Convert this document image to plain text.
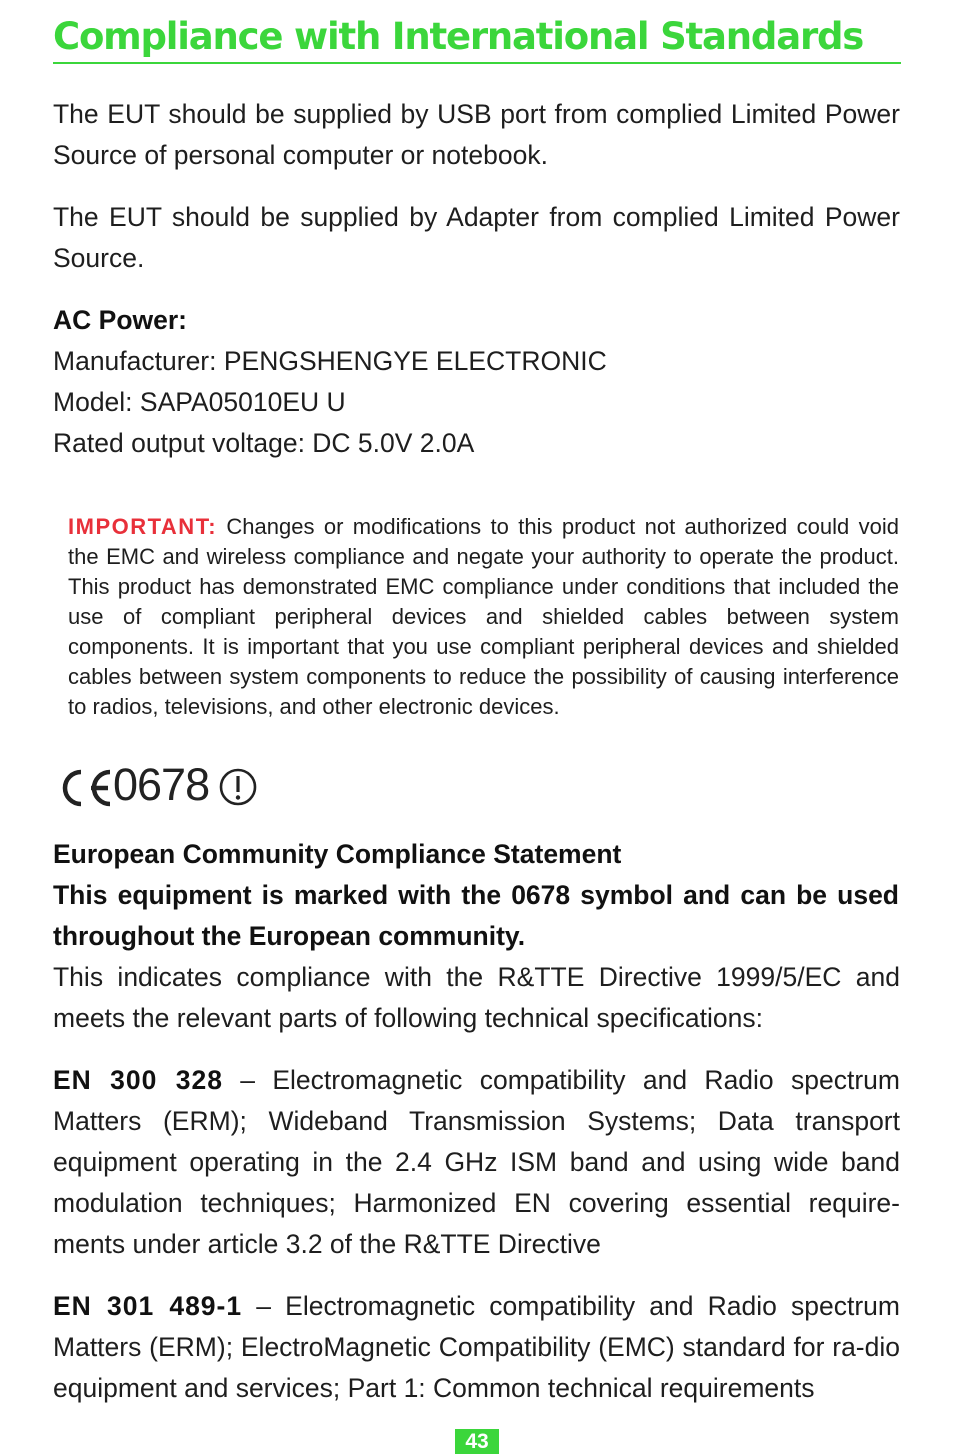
Compliance with International Standards

The EUT should be supplied by USB port from complied Limited Power Source of personal computer or notebook.

The EUT should be supplied by Adapter from complied Limited Power Source.

AC Power:

Manufacturer: PENGSHENGYE ELECTRONIC

Model: SAPA05010EU U

Rated output voltage: DC 5.0V 2.0A

IMPORTANT: Changes or modifications to this product not authorized could void the EMC and wireless compliance and negate your authority to operate the product. This product has demonstrated EMC compliance under conditions that included the use of compliant peripheral devices and shielded cables between system components. It is important that you use compliant peripheral devices and shielded cables between system components to reduce the possibility of causing interference to radios, televisions, and other electronic devices.

0678

European Community Compliance Statement

This equipment is marked with the 0678 symbol and can be used throughout the European community.

This indicates compliance with the R&TTE Directive 1999/5/EC and meets the relevant parts of following technical specifications:

EN 300 328 – Electromagnetic compatibility and Radio spectrum Matters (ERM); Wideband Transmission Systems; Data transport equipment operating in the 2.4 GHz ISM band and using wide band modulation techniques; Harmonized EN covering essential require-ments under article 3.2 of the R&TTE Directive

EN 301 489-1 – Electromagnetic compatibility and Radio spectrum Matters (ERM); ElectroMagnetic Compatibility (EMC) standard for ra-dio equipment and services; Part 1: Common technical requirements

43
